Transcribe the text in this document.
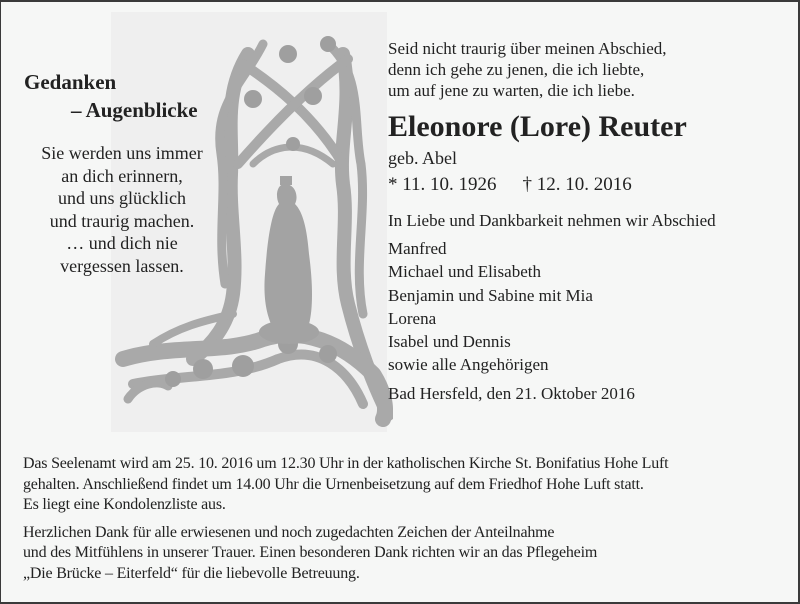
Gedanken
– Augenblicke
Sie werden uns immer
an dich erinnern,
und uns glücklich
und traurig machen.
… und dich nie
vergessen lassen.
Seid nicht traurig über meinen Abschied,
denn ich gehe zu jenen, die ich liebte,
um auf jene zu warten, die ich liebe.
Eleonore (Lore) Reuter
geb. Abel
* 11. 10. 1926 † 12. 10. 2016
In Liebe und Dankbarkeit nehmen wir Abschied
Manfred
Michael und Elisabeth
Benjamin und Sabine mit Mia
Lorena
Isabel und Dennis
sowie alle Angehörigen
Bad Hersfeld, den 21. Oktober 2016

Das Seelenamt wird am 25. 10. 2016 um 12.30 Uhr in der katholischen Kirche St. Bonifatius Hohe Luft
gehalten. Anschließend findet um 14.00 Uhr die Urnenbeisetzung auf dem Friedhof Hohe Luft statt.
Es liegt eine Kondolenzliste aus.

Herzlichen Dank für alle erwiesenen und noch zugedachten Zeichen der Anteilnahme
und des Mitfühlens in unserer Trauer. Einen besonderen Dank richten wir an das Pflegeheim
„Die Brücke – Eiterfeld“ für die liebevolle Betreuung.
